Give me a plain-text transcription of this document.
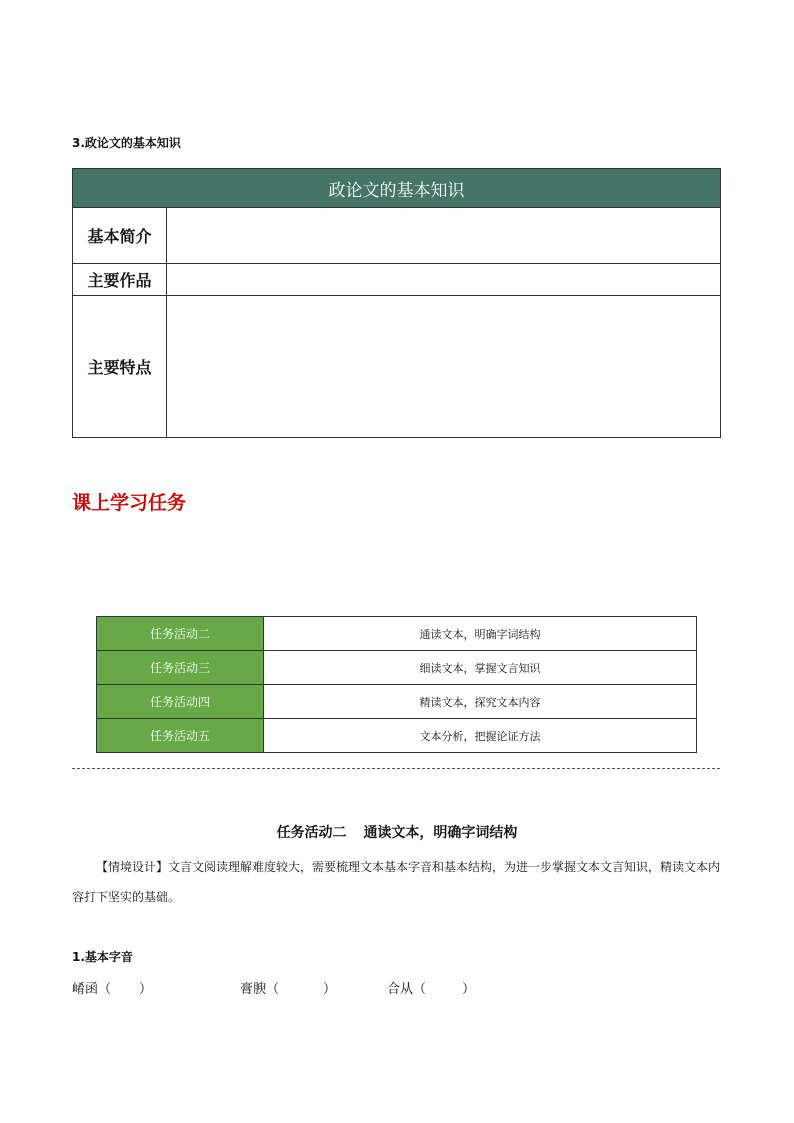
3.政论文的基本知识
政论文的基本知识	
基本简介	
主要作品	
主要特点	
课上学习任务
任务活动二	通读文本，明确字词结构
任务活动三	细读文本，掌握文言知识
任务活动四	精读文本，探究文本内容
任务活动五	文本分析，把握论证方法
任务活动二 通读文本，明确字词结构
【情境设计】文言文阅读理解难度较大，需要梳理文本基本字音和基本结构，为进一步掌握文本文言知识，精读文本内容打下坚实的基础。
1.基本字音
崤函（ ）	膏腴（	）	合从（	）
